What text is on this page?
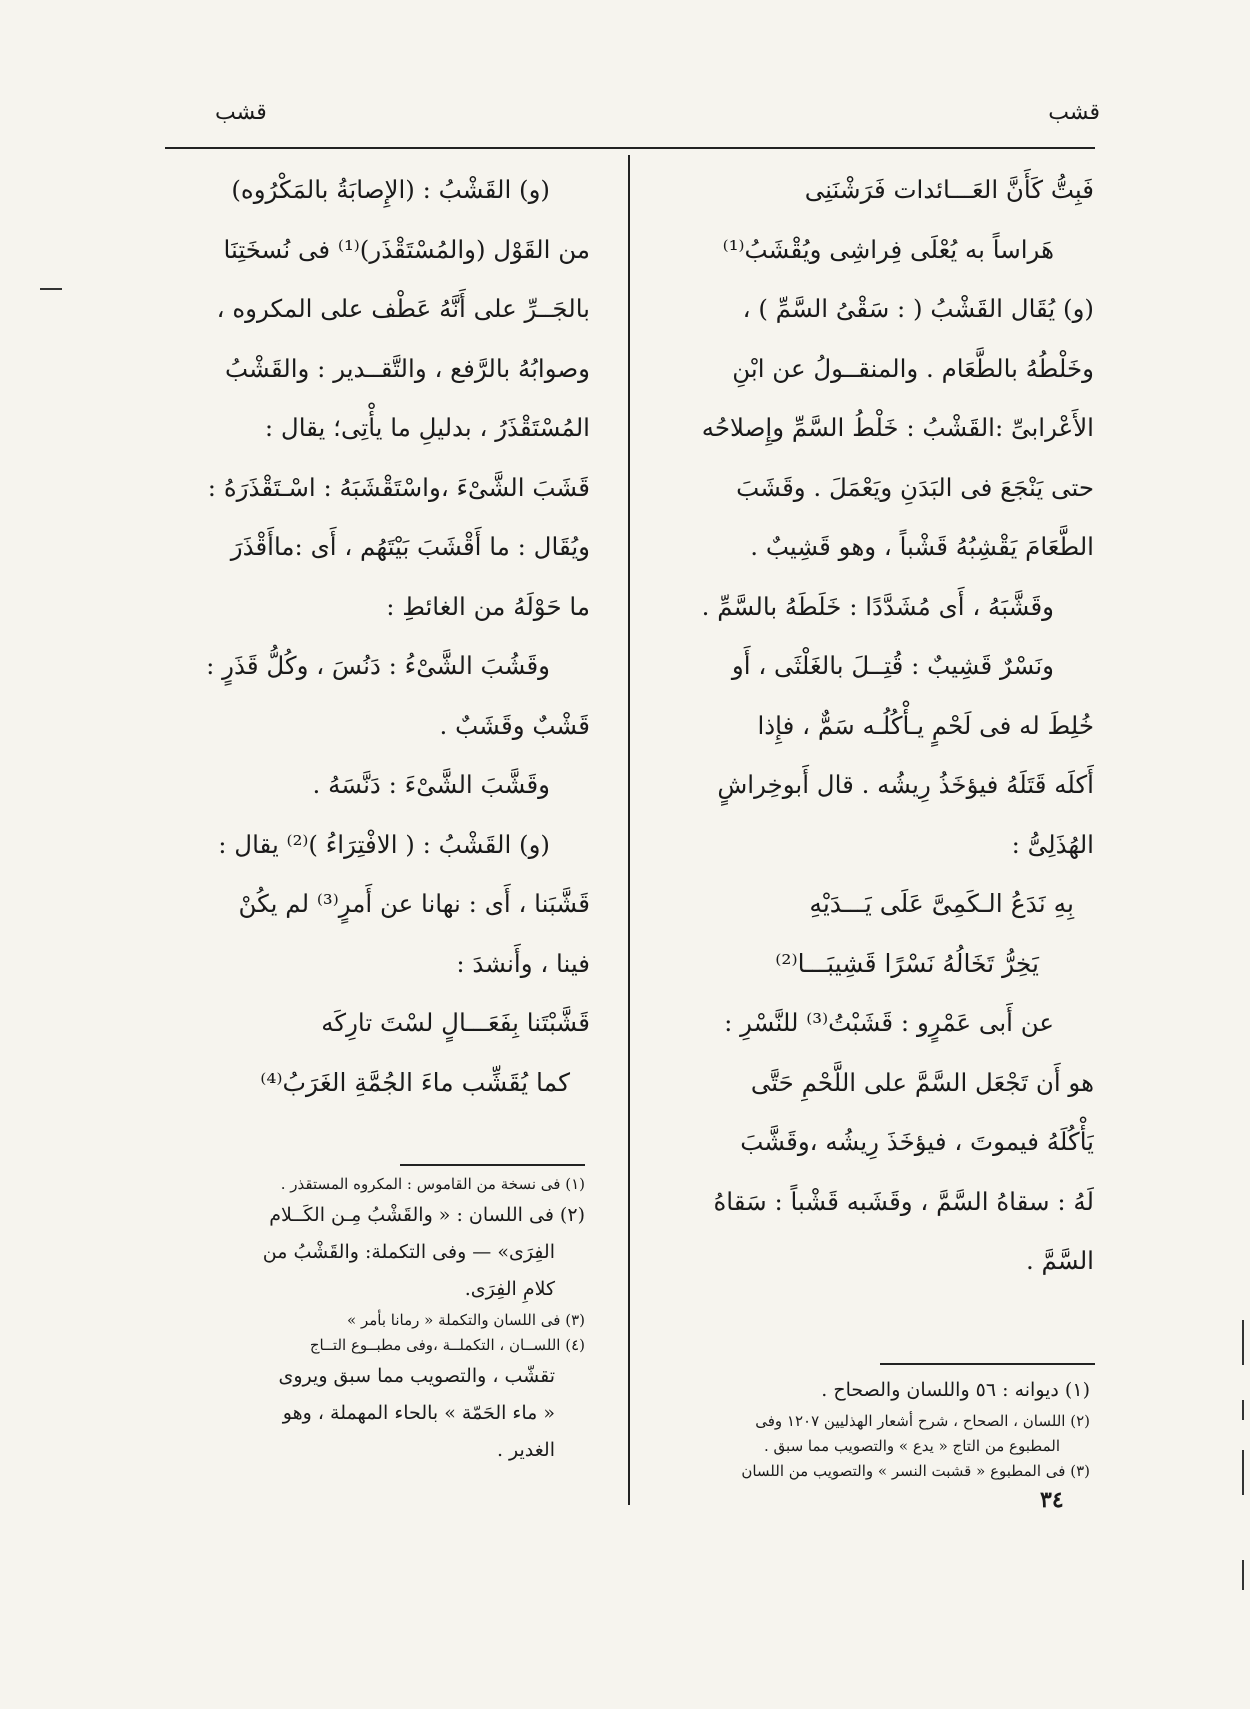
قشب
قشب
فَبِتُّ كَأَنَّ العَـــائدات فَرَشْنَنِى
هَراساً به يُعْلَى فِراشِى ويُقْشَبُ⁽¹⁾
(و) يُقَال القَشْبُ ( : سَقْىُ السَّمِّ ) ،
وخَلْطُهُ بالطَّعَام . والمنقــولُ عن ابْنِ
الأَعْرابىِّ :القَشْبُ : خَلْطُ السَّمِّ وإِصلاحُه
حتى يَنْجَعَ فى البَدَنِ ويَعْمَلَ . وقَشَبَ
الطَّعَامَ يَقْشِبُهُ قَشْباً ، وهو قَشِيبٌ .
وقَشَّبَهُ ، أَى مُشَدَّدًا : خَلَطَهُ بالسَّمِّ .
ونَسْرٌ قَشِيبٌ : قُتِــلَ بالغَلْثَى ، أَو
خُلِطَ له فى لَحْمٍ يـأْكُلُـه سَمٌّ ، فإِذا
أَكلَه قَتَلَهُ فيؤخَذُ رِيشُه . قال أَبوخِراشٍ
الهُذَلِىُّ :
بِهِ نَدَعُ الـكَمِىَّ عَلَى يَـــدَيْهِ
يَخِرُّ تَخَالُهُ نَسْرًا قَشِيبَـــا⁽²⁾
عن أَبى عَمْرٍو : قَشَبْتُ⁽³⁾ للنَّسْرِ :
هو أَن تَجْعَل السَّمَّ على اللَّحْمِ حَتَّى
يَأْكُلَهُ فيموتَ ، فيؤخَذَ رِيشُه ،وقَشَّبَ
لَهُ : سقاهُ السَّمَّ ، وقَشَبه قَشْباً : سَقاهُ
السَّمَّ .
(١) ديوانه : ٥٦ واللسان والصحاح .
(٢) اللسان ، الصحاح ، شرح أشعار الهذليين ١٢٠٧ وفى
المطبوع من التاج « يدع » والتصويب مما سبق .
(٣) فى المطبوع « قشبت النسر » والتصويب من اللسان
(و) القَشْبُ : (الإِصابَةُ بالمَكْرُوه)
من القَوْل (والمُسْتَقْذَر)⁽¹⁾ فى نُسخَتِنَا
بالجَــرِّ على أَنَّهُ عَطْف على المكروه ،
وصوابُهُ بالرَّفع ، والتَّقــدير : والقَشْبُ
المُسْتَقْذَرُ ، بدليلِ ما يأْتِى؛ يقال :
قَشَبَ الشَّىْءَ ،واسْتَقْشَبَهُ : اسْـتَقْذَرَهُ :
ويُقَال : ما أَقْشَبَ بَيْتَهُم ، أَى :ماأَقْذَرَ
ما حَوْلَهُ من الغائطِ :
وقَشُبَ الشَّىْءُ : دَنُسَ ، وكُلُّ قَذَرٍ :
قَشْبٌ وقَشَبٌ .
وقَشَّبَ الشَّىْءَ : دَنَّسَهُ .
(و) القَشْبُ : ( الافْتِرَاءُ )⁽²⁾ يقال :
قَشَّبَنا ، أَى : نهانا عن أَمرٍ⁽³⁾ لم يكُنْ
فينا ، وأَنشدَ :
قَشَّبْتَنا بِفَعَـــالٍ لسْتَ تارِكَه
كما يُقَشِّب ماءَ الجُمَّةِ الغَرَبُ⁽⁴⁾
(١) فى نسخة من القاموس : المكروه المستقذر .
(٢) فى اللسان : « والقَشْبُ مِـن الكَــلام
الفِرَى» — وفى التكملة: والقَشْبُ من
كلامِ الفِرَى.
(٣) فى اللسان والتكملة « رمانا بأمر »
(٤) اللســان ، التكملــة ،وفى مطبــوع التــاج
تقشّب ، والتصويب مما سبق ويروى
« ماء الحَمّة » بالحاء المهملة ، وهو
الغدير .
٣٤
